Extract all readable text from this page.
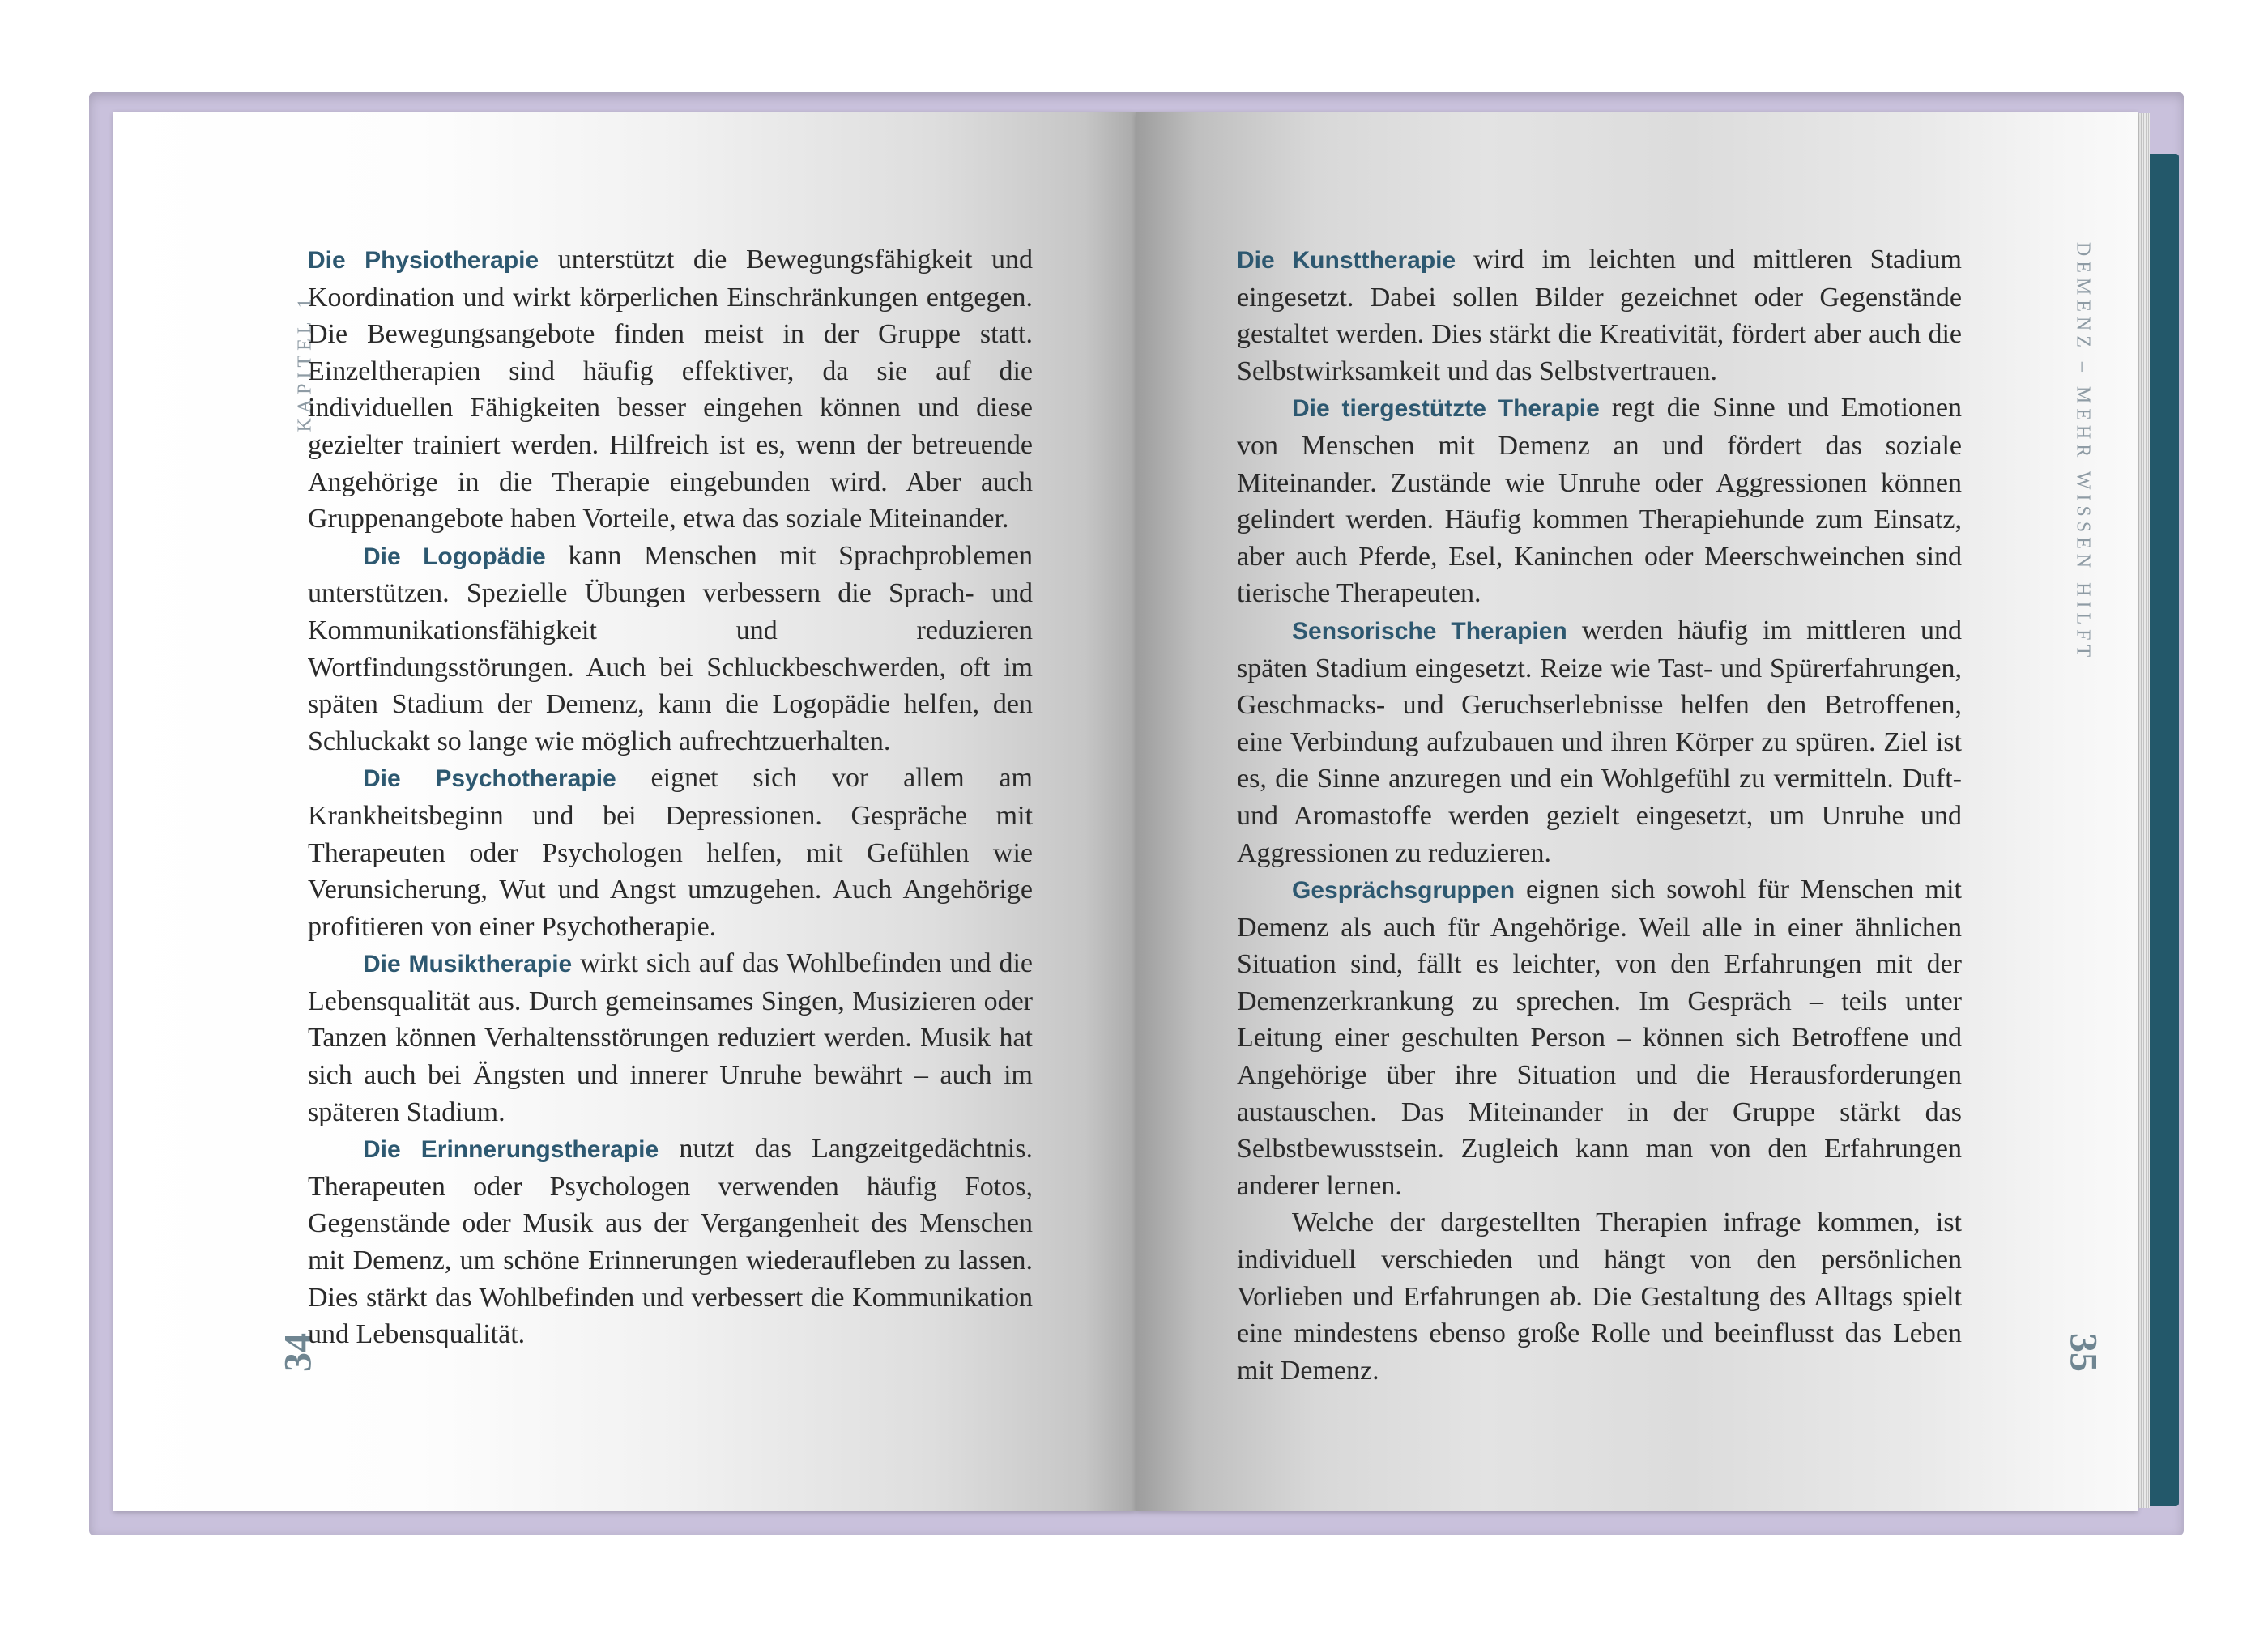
KAPITEL 1
34

Die Physiotherapie unterstützt die Bewegungsfähigkeit und Koordination und wirkt körperlichen Einschränkungen entgegen. Die Bewegungsangebote finden meist in der Gruppe statt. Einzeltherapien sind häufig effektiver, da sie auf die individuellen Fähigkeiten besser eingehen können und diese gezielter trainiert werden. Hilfreich ist es, wenn der betreuende Angehörige in die Therapie eingebunden wird. Aber auch Gruppenangebote haben Vorteile, etwa das soziale Miteinander.

Die Logopädie kann Menschen mit Sprachproblemen unterstützen. Spezielle Übungen verbessern die Sprach- und Kommunikationsfähigkeit und reduzieren Wortfindungsstörungen. Auch bei Schluckbeschwerden, oft im späten Stadium der Demenz, kann die Logopädie helfen, den Schluckakt so lange wie möglich aufrechtzuerhalten.

Die Psychotherapie eignet sich vor allem am Krankheitsbeginn und bei Depressionen. Gespräche mit Therapeuten oder Psychologen helfen, mit Gefühlen wie Verunsicherung, Wut und Angst umzugehen. Auch Angehörige profitieren von einer Psychotherapie.

Die Musiktherapie wirkt sich auf das Wohlbefinden und die Lebensqualität aus. Durch gemeinsames Singen, Musizieren oder Tanzen können Verhaltensstörungen reduziert werden. Musik hat sich auch bei Ängsten und innerer Unruhe bewährt – auch im späteren Stadium.

Die Erinnerungstherapie nutzt das Langzeitgedächtnis. Therapeuten oder Psychologen verwenden häufig Fotos, Gegenstände oder Musik aus der Vergangenheit des Menschen mit Demenz, um schöne Erinnerungen wiederaufleben zu lassen. Dies stärkt das Wohlbefinden und verbessert die Kommunikation und Lebensqualität.

DEMENZ – MEHR WISSEN HILFT
35

Die Kunsttherapie wird im leichten und mittleren Stadium eingesetzt. Dabei sollen Bilder gezeichnet oder Gegenstände gestaltet werden. Dies stärkt die Kreativität, fördert aber auch die Selbstwirksamkeit und das Selbstvertrauen.

Die tiergestützte Therapie regt die Sinne und Emotionen von Menschen mit Demenz an und fördert das soziale Miteinander. Zustände wie Unruhe oder Aggressionen können gelindert werden. Häufig kommen Therapiehunde zum Einsatz, aber auch Pferde, Esel, Kaninchen oder Meerschweinchen sind tierische Therapeuten.

Sensorische Therapien werden häufig im mittleren und späten Stadium eingesetzt. Reize wie Tast- und Spürerfahrungen, Geschmacks- und Geruchserlebnisse helfen den Betroffenen, eine Verbindung aufzubauen und ihren Körper zu spüren. Ziel ist es, die Sinne anzuregen und ein Wohlgefühl zu vermitteln. Duft- und Aromastoffe werden gezielt eingesetzt, um Unruhe und Aggressionen zu reduzieren.

Gesprächsgruppen eignen sich sowohl für Menschen mit Demenz als auch für Angehörige. Weil alle in einer ähnlichen Situation sind, fällt es leichter, von den Erfahrungen mit der Demenzerkrankung zu sprechen. Im Gespräch – teils unter Leitung einer geschulten Person – können sich Betroffene und Angehörige über ihre Situation und die Herausforderungen austauschen. Das Miteinander in der Gruppe stärkt das Selbstbewusstsein. Zugleich kann man von den Erfahrungen anderer lernen.

Welche der dargestellten Therapien infrage kommen, ist individuell verschieden und hängt von den persönlichen Vorlieben und Erfahrungen ab. Die Gestaltung des Alltags spielt eine mindestens ebenso große Rolle und beeinflusst das Leben mit Demenz.
